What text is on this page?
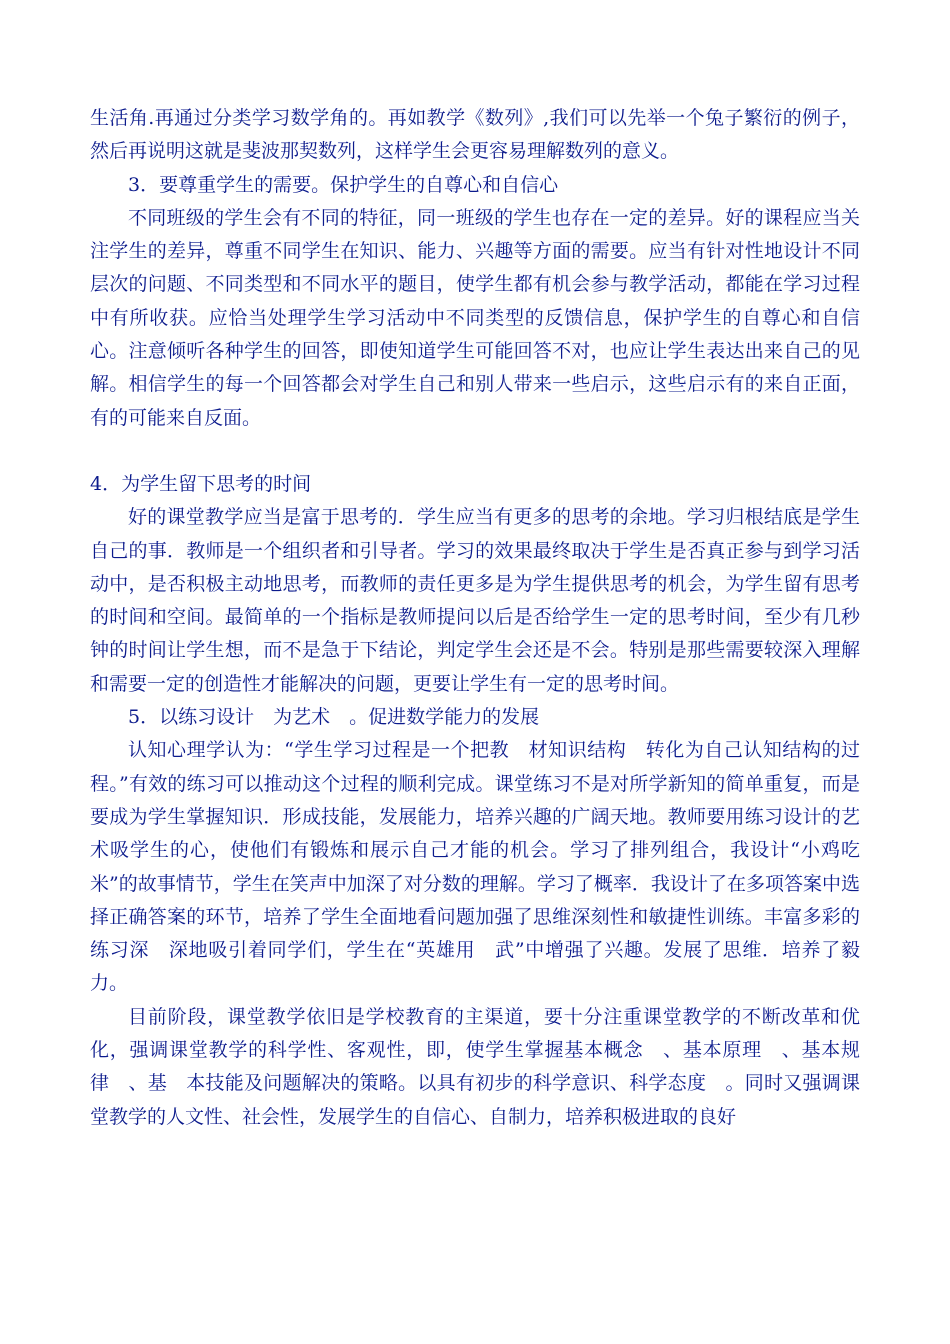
生活角.再通过分类学习数学角的。再如教学《数列》,我们可以先举一个兔子繁衍的例子，然后再说明这就是斐波那契数列，这样学生会更容易理解数列的意义。

3．要尊重学生的需要。保护学生的自尊心和自信心

不同班级的学生会有不同的特征，同一班级的学生也存在一定的差异。好的课程应当关注学生的差异，尊重不同学生在知识、能力、兴趣等方面的需要。应当有针对性地设计不同层次的问题、不同类型和不同水平的题目，使学生都有机会参与教学活动，都能在学习过程　中有所收获。应恰当处理学生学习活动中不同类型的反馈信息，保护学生的自尊心和自信心。注意倾听各种学生的回答，即使知道学生可能回答不对，也应让学生表达出来自己的见解。相信学生的每一个回答都会对学生自己和别人带来一些启示，这些启示有的来自正面，有的可能来自反面。

4．为学生留下思考的时间

好的课堂教学应当是富于思考的．学生应当有更多的思考的余地。学习归根结底是学生自己的事．教师是一个组织者和引导者。学习的效果最终取决于学生是否真正参与到学习活动中，是否积极主动地思考，而教师的责任更多是为学生提供思考的机会，为学生留有思考的时间和空间。最简单的一个指标是教师提问以后是否给学生一定的思考时间，至少有几秒钟的时间让学生想，而不是急于下结论，判定学生会还是不会。特别是那些需要较深入理解和需要一定的创造性才能解决的问题，更要让学生有一定的思考时间。

5．以练习设计　为艺术　。促进数学能力的发展

认知心理学认为：“学生学习过程是一个把教　材知识结构　转化为自己认知结构的过程。”有效的练习可以推动这个过程的顺利完成。课堂练习不是对所学新知的简单重复，而是要成为学生掌握知识．形成技能，发展能力，培养兴趣的广阔天地。教师要用练习设计的艺术吸学生的心，使他们有锻炼和展示自己才能的机会。学习了排列组合，我设计“小鸡吃米”的故事情节，学生在笑声中加深了对分数的理解。学习了概率．我设计了在多项答案中选择正确答案的环节，培养了学生全面地看问题加强了思维深刻性和敏捷性训练。丰富多彩的练习深　深地吸引着同学们，学生在“英雄用　武”中增强了兴趣。发展了思维．培养了毅力。

目前阶段，课堂教学依旧是学校教育的主渠道，要十分注重课堂教学的不断改革和优化，强调课堂教学的科学性、客观性，即，使学生掌握基本概念　、基本原理　、基本规律　、基　本技能及问题解决的策略。以具有初步的科学意识、科学态度　。同时又强调课堂教学的人文性、社会性，发展学生的自信心、自制力，培养积极进取的良好
